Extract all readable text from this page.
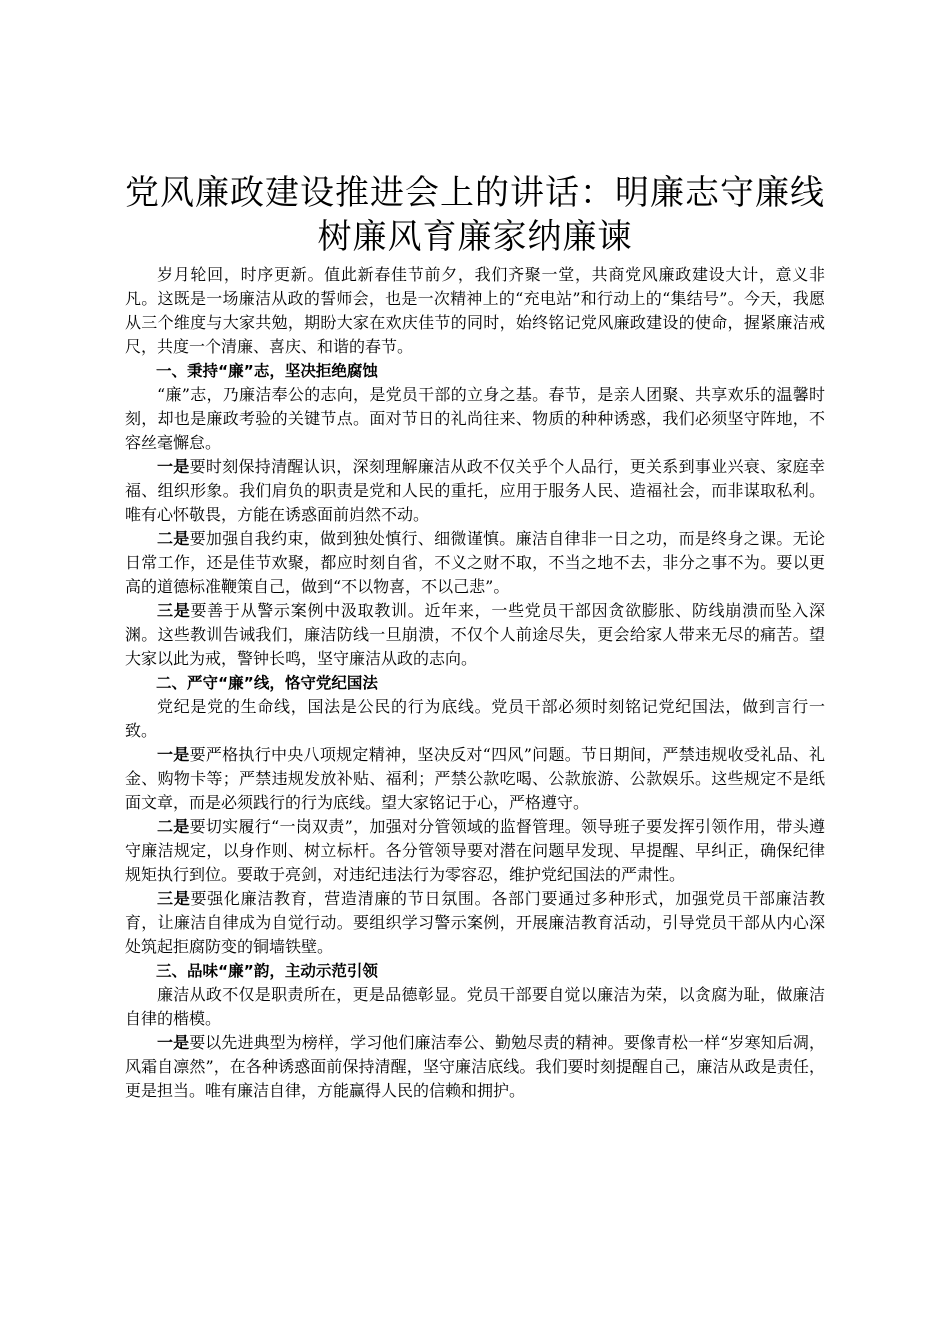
党风廉政建设推进会上的讲话：明廉志守廉线树廉风育廉家纳廉谏

岁月轮回，时序更新。值此新春佳节前夕，我们齐聚一堂，共商党风廉政建设大计，意义非凡。这既是一场廉洁从政的誓师会，也是一次精神上的“充电站”和行动上的“集结号”。今天，我愿从三个维度与大家共勉，期盼大家在欢庆佳节的同时，始终铭记党风廉政建设的使命，握紧廉洁戒尺，共度一个清廉、喜庆、和谐的春节。

一、秉持“廉”志，坚决拒绝腐蚀

“廉”志，乃廉洁奉公的志向，是党员干部的立身之基。春节，是亲人团聚、共享欢乐的温馨时刻，却也是廉政考验的关键节点。面对节日的礼尚往来、物质的种种诱惑，我们必须坚守阵地，不容丝毫懈怠。

一是要时刻保持清醒认识，深刻理解廉洁从政不仅关乎个人品行，更关系到事业兴衰、家庭幸福、组织形象。我们肩负的职责是党和人民的重托，应用于服务人民、造福社会，而非谋取私利。唯有心怀敬畏，方能在诱惑面前岿然不动。

二是要加强自我约束，做到独处慎行、细微谨慎。廉洁自律非一日之功，而是终身之课。无论日常工作，还是佳节欢聚，都应时刻自省，不义之财不取，不当之地不去，非分之事不为。要以更高的道德标准鞭策自己，做到“不以物喜，不以己悲”。

三是要善于从警示案例中汲取教训。近年来，一些党员干部因贪欲膨胀、防线崩溃而坠入深渊。这些教训告诫我们，廉洁防线一旦崩溃，不仅个人前途尽失，更会给家人带来无尽的痛苦。望大家以此为戒，警钟长鸣，坚守廉洁从政的志向。

二、严守“廉”线，恪守党纪国法

党纪是党的生命线，国法是公民的行为底线。党员干部必须时刻铭记党纪国法，做到言行一致。

一是要严格执行中央八项规定精神，坚决反对“四风”问题。节日期间，严禁违规收受礼品、礼金、购物卡等；严禁违规发放补贴、福利；严禁公款吃喝、公款旅游、公款娱乐。这些规定不是纸面文章，而是必须践行的行为底线。望大家铭记于心，严格遵守。

二是要切实履行“一岗双责”，加强对分管领域的监督管理。领导班子要发挥引领作用，带头遵守廉洁规定，以身作则、树立标杆。各分管领导要对潜在问题早发现、早提醒、早纠正，确保纪律规矩执行到位。要敢于亮剑，对违纪违法行为零容忍，维护党纪国法的严肃性。

三是要强化廉洁教育，营造清廉的节日氛围。各部门要通过多种形式，加强党员干部廉洁教育，让廉洁自律成为自觉行动。要组织学习警示案例，开展廉洁教育活动，引导党员干部从内心深处筑起拒腐防变的铜墙铁壁。

三、品味“廉”韵，主动示范引领

廉洁从政不仅是职责所在，更是品德彰显。党员干部要自觉以廉洁为荣，以贪腐为耻，做廉洁自律的楷模。

一是要以先进典型为榜样，学习他们廉洁奉公、勤勉尽责的精神。要像青松一样“岁寒知后凋，风霜自凛然”，在各种诱惑面前保持清醒，坚守廉洁底线。我们要时刻提醒自己，廉洁从政是责任，更是担当。唯有廉洁自律，方能赢得人民的信赖和拥护。
